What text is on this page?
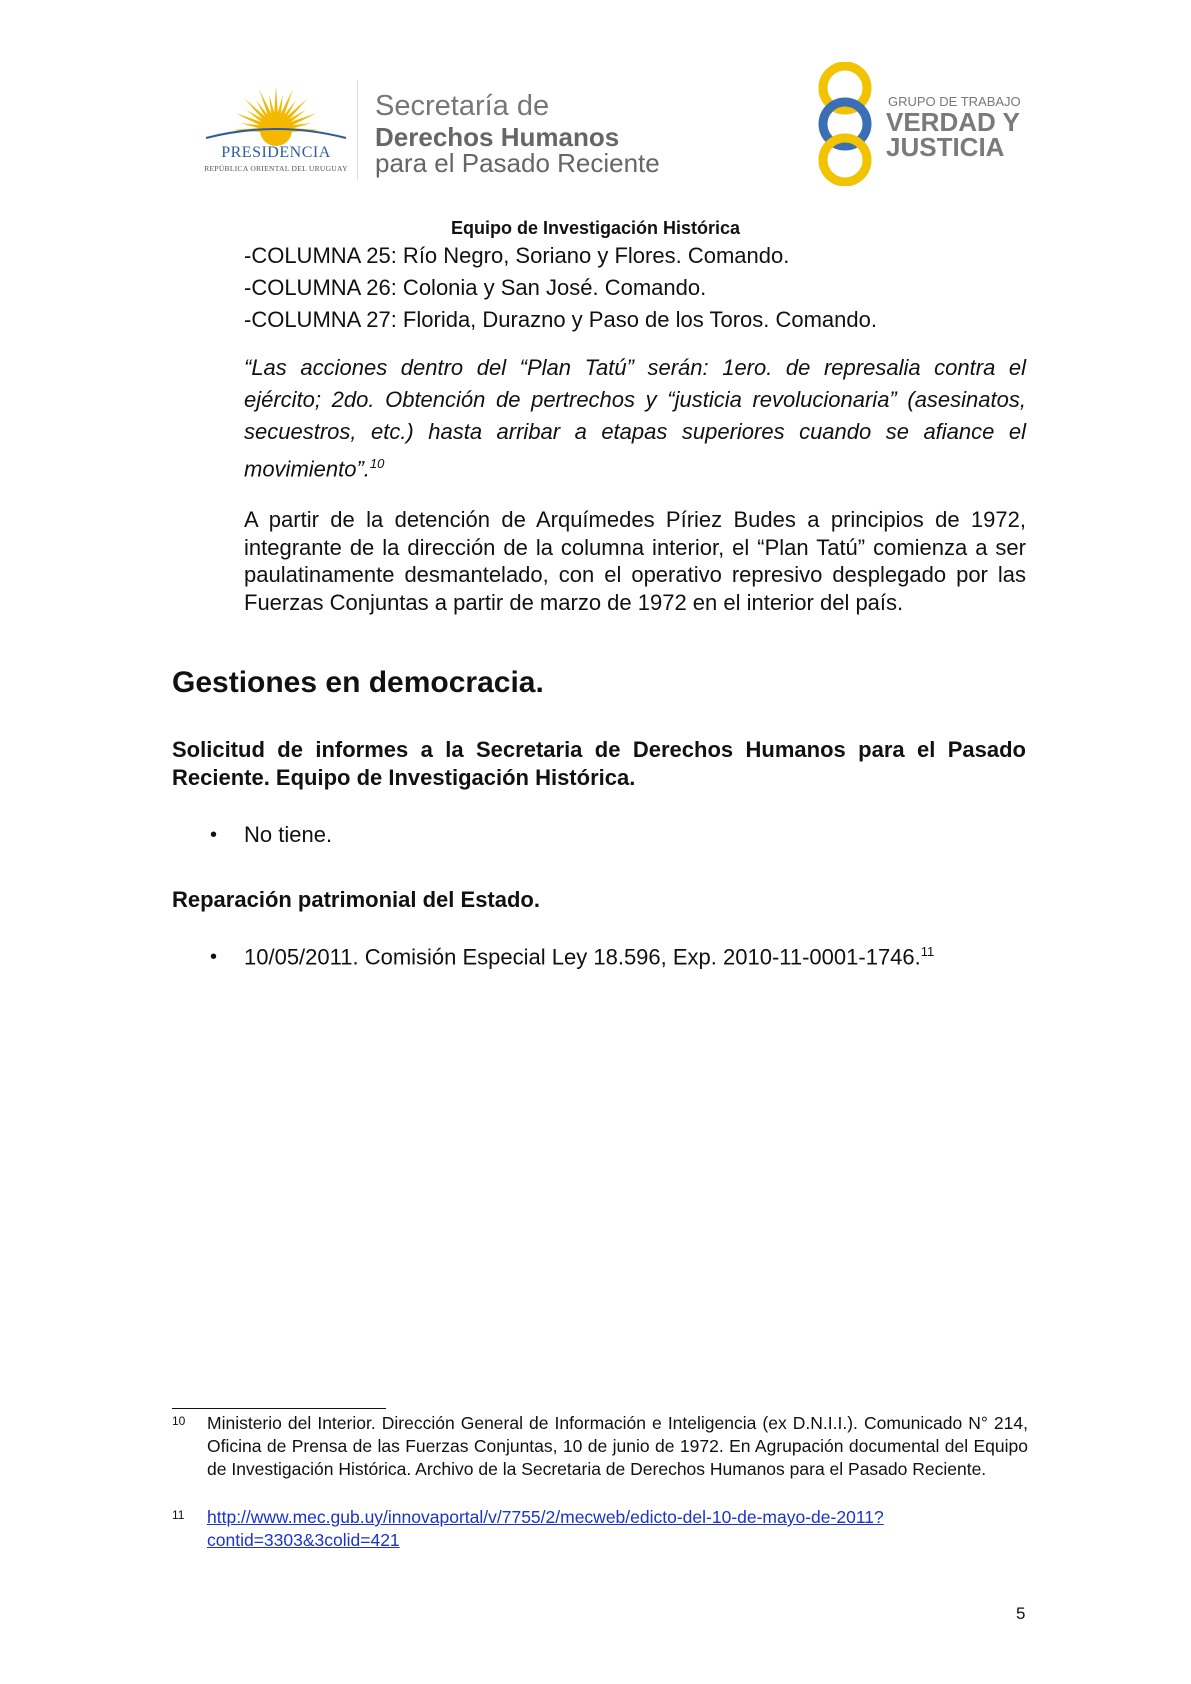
PRESIDENCIA
REPÚBLICA ORIENTAL DEL URUGUAY
Secretaría de
Derechos Humanos
para el Pasado Reciente
GRUPO DE TRABAJO
VERDAD Y
JUSTICIA
Equipo de Investigación Histórica
-COLUMNA 25: Río Negro, Soriano y Flores. Comando.
-COLUMNA 26: Colonia y San José. Comando.
-COLUMNA 27: Florida, Durazno y Paso de los Toros. Comando.
“Las acciones dentro del “Plan Tatú” serán: 1ero. de represalia contra el ejército; 2do. Obtención de pertrechos y “justicia revolucionaria” (asesinatos, secuestros, etc.) hasta arribar a etapas superiores cuando se afiance el movimiento”.$^{10}$
A partir de la detención de Arquímedes Píriez Budes a principios de 1972, integrante de la dirección de la columna interior, el “Plan Tatú” comienza a ser paulatinamente desmantelado, con el operativo represivo desplegado por las Fuerzas Conjuntas a partir de marzo de 1972 en el interior del país.
Gestiones en democracia.
Solicitud de informes a la Secretaria de Derechos Humanos para el Pasado Reciente. Equipo de Investigación Histórica.
• No tiene.
Reparación patrimonial del Estado.
• 10/05/2011. Comisión Especial Ley 18.596, Exp. 2010-11-0001-1746.11
10 Ministerio del Interior. Dirección General de Información e Inteligencia (ex D.N.I.I.). Comunicado N° 214, Oficina de Prensa de las Fuerzas Conjuntas, 10 de junio de 1972. En Agrupación documental del Equipo de Investigación Histórica. Archivo de la Secretaria de Derechos Humanos para el Pasado Reciente.
11 http://www.mec.gub.uy/innovaportal/v/7755/2/mecweb/edicto-del-10-de-mayo-de-2011?
contid=3303&3colid=421
5
